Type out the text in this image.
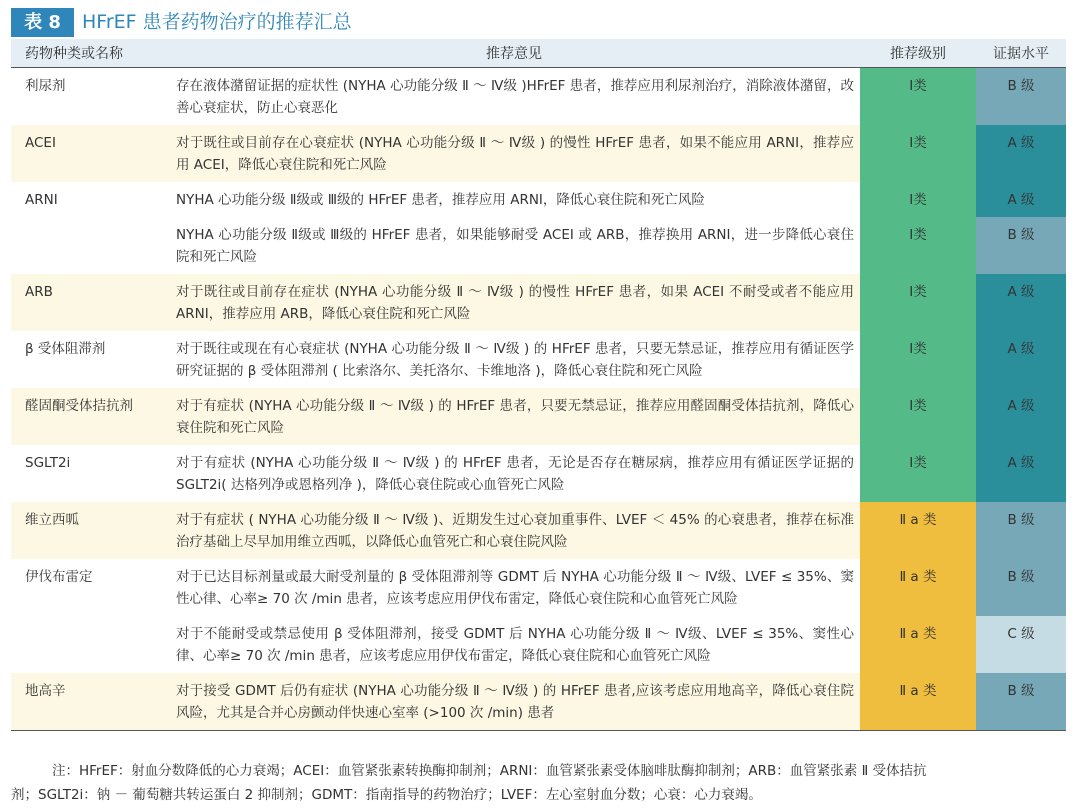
表 8	HFrEF 患者药物治疗的推荐汇总
药物种类或名称	推荐意见	推荐级别	证据水平
利尿剂	存在液体潴留证据的症状性 (NYHA 心功能分级 Ⅱ ～ Ⅳ级 )HFrEF 患者，推荐应用利尿剂治疗，消除液体潴留，改善心衰症状，防止心衰恶化	Ⅰ类	B 级
ACEI	对于既往或目前存在心衰症状 (NYHA 心功能分级 Ⅱ ～ Ⅳ级 ) 的慢性 HFrEF 患者，如果不能应用 ARNI，推荐应用 ACEI，降低心衰住院和死亡风险	Ⅰ类	A 级
ARNI	NYHA 心功能分级 Ⅱ级或 Ⅲ级的 HFrEF 患者，推荐应用 ARNI，降低心衰住院和死亡风险	Ⅰ类	A 级
	NYHA 心功能分级 Ⅱ级或 Ⅲ级的 HFrEF 患者，如果能够耐受 ACEI 或 ARB，推荐换用 ARNI，进一步降低心衰住院和死亡风险	Ⅰ类	B 级
ARB	对于既往或目前存在症状 (NYHA 心功能分级 Ⅱ ～ Ⅳ级 ) 的慢性 HFrEF 患者，如果 ACEI 不耐受或者不能应用 ARNI，推荐应用 ARB，降低心衰住院和死亡风险	Ⅰ类	A 级
β 受体阻滞剂	对于既往或现在有心衰症状 (NYHA 心功能分级 Ⅱ ～ Ⅳ级 ) 的 HFrEF 患者，只要无禁忌证，推荐应用有循证医学研究证据的 β 受体阻滞剂 ( 比索洛尔、美托洛尔、卡维地洛 )，降低心衰住院和死亡风险	Ⅰ类	A 级
醛固酮受体拮抗剂	对于有症状 (NYHA 心功能分级 Ⅱ ～ Ⅳ级 ) 的 HFrEF 患者，只要无禁忌证，推荐应用醛固酮受体拮抗剂，降低心衰住院和死亡风险	Ⅰ类	A 级
SGLT2i	对于有症状 (NYHA 心功能分级 Ⅱ ～ Ⅳ级 ) 的 HFrEF 患者，无论是否存在糖尿病，推荐应用有循证医学证据的 SGLT2i( 达格列净或恩格列净 )，降低心衰住院或心血管死亡风险	Ⅰ类	A 级
维立西呱	对于有症状 ( NYHA 心功能分级 Ⅱ ～ Ⅳ级 )、近期发生过心衰加重事件、LVEF ＜ 45% 的心衰患者，推荐在标准治疗基础上尽早加用维立西呱，以降低心血管死亡和心衰住院风险	Ⅱ a 类	B 级
伊伐布雷定	对于已达目标剂量或最大耐受剂量的 β 受体阻滞剂等 GDMT 后 NYHA 心功能分级 Ⅱ ～ Ⅳ级、LVEF ≤ 35%、窦性心律、心率≥ 70 次 /min 患者，应该考虑应用伊伐布雷定，降低心衰住院和心血管死亡风险	Ⅱ a 类	B 级
	对于不能耐受或禁忌使用 β 受体阻滞剂，接受 GDMT 后 NYHA 心功能分级 Ⅱ ～ Ⅳ级、LVEF ≤ 35%、窦性心律、心率≥ 70 次 /min 患者，应该考虑应用伊伐布雷定，降低心衰住院和心血管死亡风险	Ⅱ a 类	C 级
地高辛	对于接受 GDMT 后仍有症状 (NYHA 心功能分级 Ⅱ ～ Ⅳ级 ) 的 HFrEF 患者,应该考虑应用地高辛，降低心衰住院风险，尤其是合并心房颤动伴快速心室率 (>100 次 /min) 患者	Ⅱ a 类	B 级
注：HFrEF：射血分数降低的心力衰竭；ACEI：血管紧张素转换酶抑制剂；ARNI：血管紧张素受体脑啡肽酶抑制剂；ARB：血管紧张素 Ⅱ 受体拮抗
剂；SGLT2i：钠 － 葡萄糖共转运蛋白 2 抑制剂；GDMT：指南指导的药物治疗；LVEF：左心室射血分数；心衰：心力衰竭。
